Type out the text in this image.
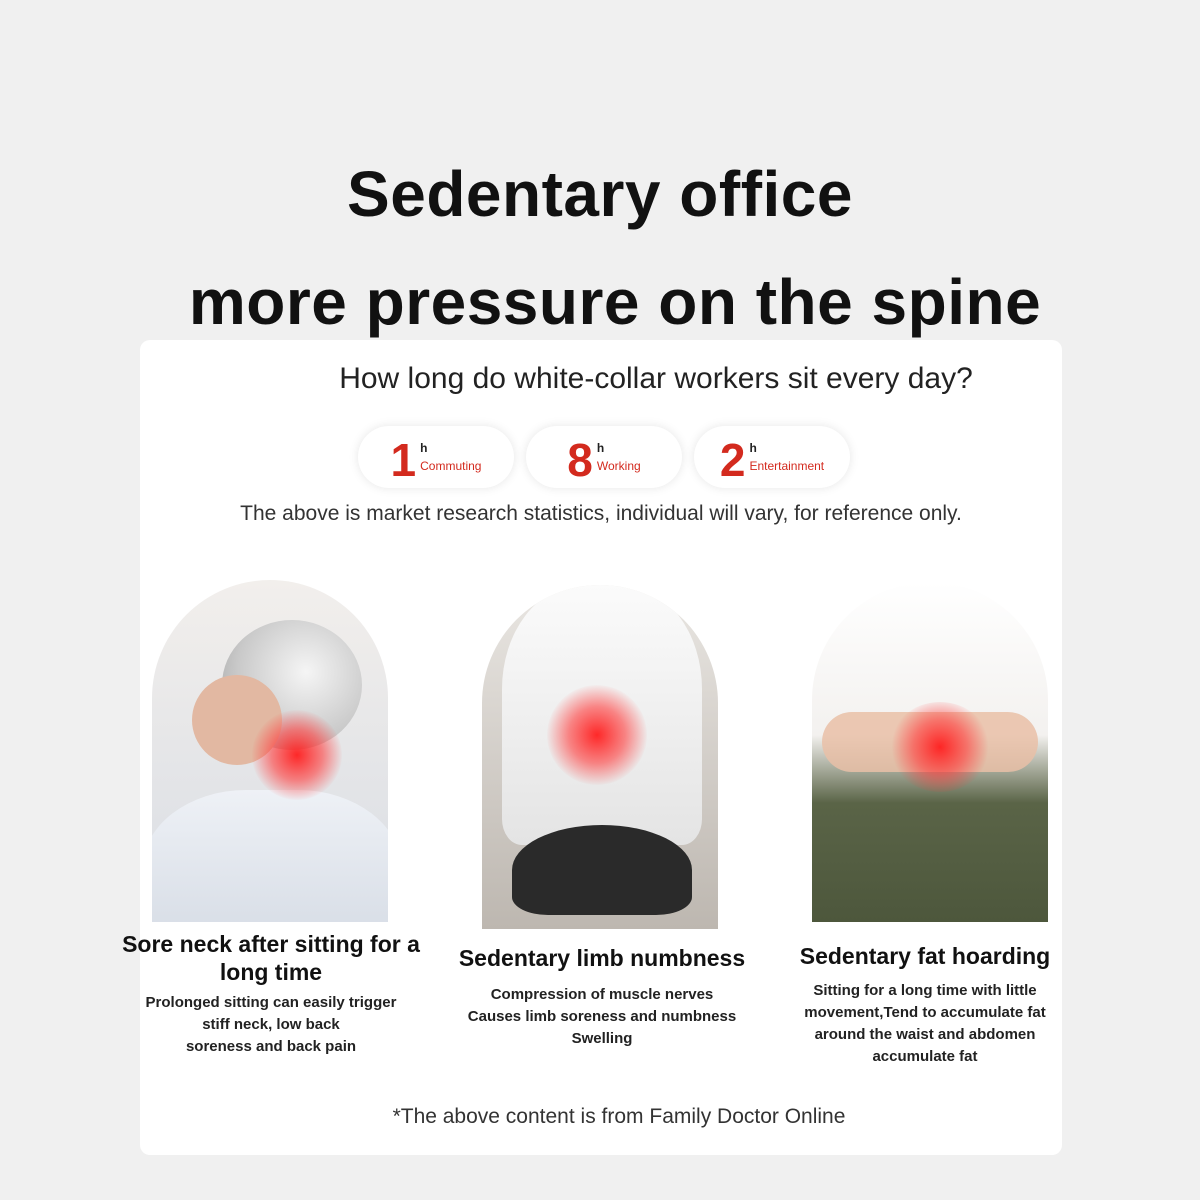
Sedentary office
more pressure on the spine
How long do white-collar workers sit every day?
1 h
Commuting 8 h
Working 2 h
Entertainment
The above is market research statistics, individual will vary, for reference only.
Sore neck after sitting for a long time

Prolonged sitting can easily trigger
stiff neck, low back
soreness and back pain

Sedentary limb numbness

Compression of muscle nerves
Causes limb soreness and numbness
Swelling

Sedentary fat hoarding

Sitting for a long time with little
movement,Tend to accumulate fat
around the waist and abdomen
accumulate fat

*The above content is from Family Doctor Online
